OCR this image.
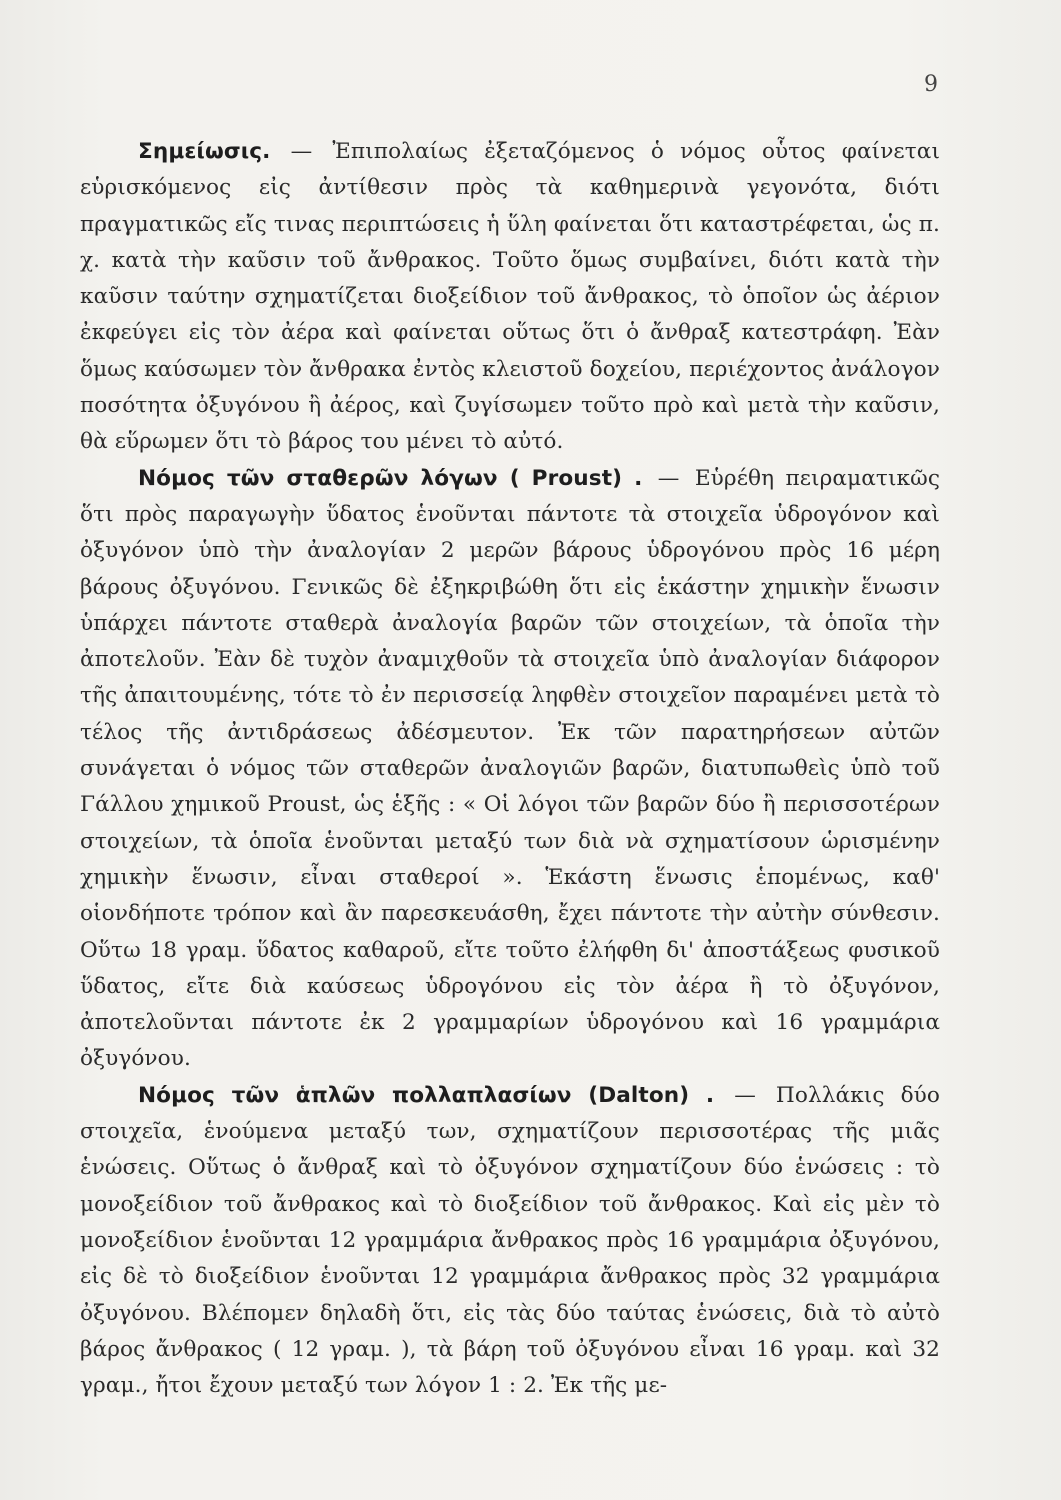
9

Σημείωσις. — Ἐπιπολαίως ἐξεταζόμενος ὁ νόμος οὗτος φαίνεται εὑρισκόμενος εἰς ἀντίθεσιν πρὸς τὰ καθημερινὰ γεγονότα, διότι πραγματικῶς εἴς τινας περιπτώσεις ἡ ὕλη φαίνεται ὅτι καταστρέφεται, ὡς π. χ. κατὰ τὴν καῦσιν τοῦ ἄνθρακος. Τοῦτο ὅμως συμβαίνει, διότι κατὰ τὴν καῦσιν ταύτην σχηματίζεται διοξείδιον τοῦ ἄνθρακος, τὸ ὁποῖον ὡς ἀέριον ἐκφεύγει εἰς τὸν ἀέρα καὶ φαίνεται οὕτως ὅτι ὁ ἄνθραξ κατεστράφη. Ἐὰν ὅμως καύσωμεν τὸν ἄνθρακα ἐντὸς κλειστοῦ δοχείου, περιέχοντος ἀνάλογον ποσότητα ὀξυγόνου ἢ ἀέρος, καὶ ζυγίσωμεν τοῦτο πρὸ καὶ μετὰ τὴν καῦσιν, θὰ εὕρωμεν ὅτι τὸ βάρος του μένει τὸ αὐτό.

Νόμος τῶν σταθερῶν λόγων ( Proust) . — Εὑρέθη πειραματικῶς ὅτι πρὸς παραγωγὴν ὕδατος ἑνοῦνται πάντοτε τὰ στοιχεῖα ὑδρογόνον καὶ ὀξυγόνον ὑπὸ τὴν ἀναλογίαν 2 μερῶν βάρους ὑδρογόνου πρὸς 16 μέρη βάρους ὀξυγόνου. Γενικῶς δὲ ἐξηκριβώθη ὅτι εἰς ἑκάστην χημικὴν ἕνωσιν ὑπάρχει πάντοτε σταθερὰ ἀναλογία βαρῶν τῶν στοιχείων, τὰ ὁποῖα τὴν ἀποτελοῦν. Ἐὰν δὲ τυχὸν ἀναμιχθοῦν τὰ στοιχεῖα ὑπὸ ἀναλογίαν διάφορον τῆς ἀπαιτουμένης, τότε τὸ ἐν περισσείᾳ ληφθὲν στοιχεῖον παραμένει μετὰ τὸ τέλος τῆς ἀντιδράσεως ἀδέσμευτον. Ἐκ τῶν παρατηρήσεων αὐτῶν συνάγεται ὁ νόμος τῶν σταθερῶν ἀναλογιῶν βαρῶν, διατυπωθεὶς ὑπὸ τοῦ Γάλλου χημικοῦ Proust, ὡς ἑξῆς : « Οἱ λόγοι τῶν βαρῶν δύο ἢ περισσοτέρων στοιχείων, τὰ ὁποῖα ἑνοῦνται μεταξύ των διὰ νὰ σχηματίσουν ὡρισμένην χημικὴν ἕνωσιν, εἶναι σταθεροί ». Ἑκάστη ἕνωσις ἑπομένως, καθ' οἱονδήποτε τρόπον καὶ ἂν παρεσκευάσθη, ἔχει πάντοτε τὴν αὐτὴν σύνθεσιν. Οὕτω 18 γραμ. ὕδατος καθαροῦ, εἴτε τοῦτο ἐλήφθη δι' ἀποστάξεως φυσικοῦ ὕδατος, εἴτε διὰ καύσεως ὑδρογόνου εἰς τὸν ἀέρα ἢ τὸ ὀξυγόνον, ἀποτελοῦνται πάντοτε ἐκ 2 γραμμαρίων ὑδρογόνου καὶ 16 γραμμάρια ὀξυγόνου.

Νόμος τῶν ἁπλῶν πολλαπλασίων (Dalton) . — Πολλάκις δύο στοιχεῖα, ἑνούμενα μεταξύ των, σχηματίζουν περισσοτέρας τῆς μιᾶς ἑνώσεις. Οὕτως ὁ ἄνθραξ καὶ τὸ ὀξυγόνον σχηματίζουν δύο ἑνώσεις : τὸ μονοξείδιον τοῦ ἄνθρακος καὶ τὸ διοξείδιον τοῦ ἄνθρακος. Καὶ εἰς μὲν τὸ μονοξείδιον ἑνοῦνται 12 γραμμάρια ἄνθρακος πρὸς 16 γραμμάρια ὀξυγόνου, εἰς δὲ τὸ διοξείδιον ἑνοῦνται 12 γραμμάρια ἄνθρακος πρὸς 32 γραμμάρια ὀξυγόνου. Βλέπομεν δηλαδὴ ὅτι, εἰς τὰς δύο ταύτας ἑνώσεις, διὰ τὸ αὐτὸ βάρος ἄνθρακος ( 12 γραμ. ), τὰ βάρη τοῦ ὀξυγόνου εἶναι 16 γραμ. καὶ 32 γραμ., ἤτοι ἔχουν μεταξύ των λόγον 1 : 2. Ἐκ τῆς με-
